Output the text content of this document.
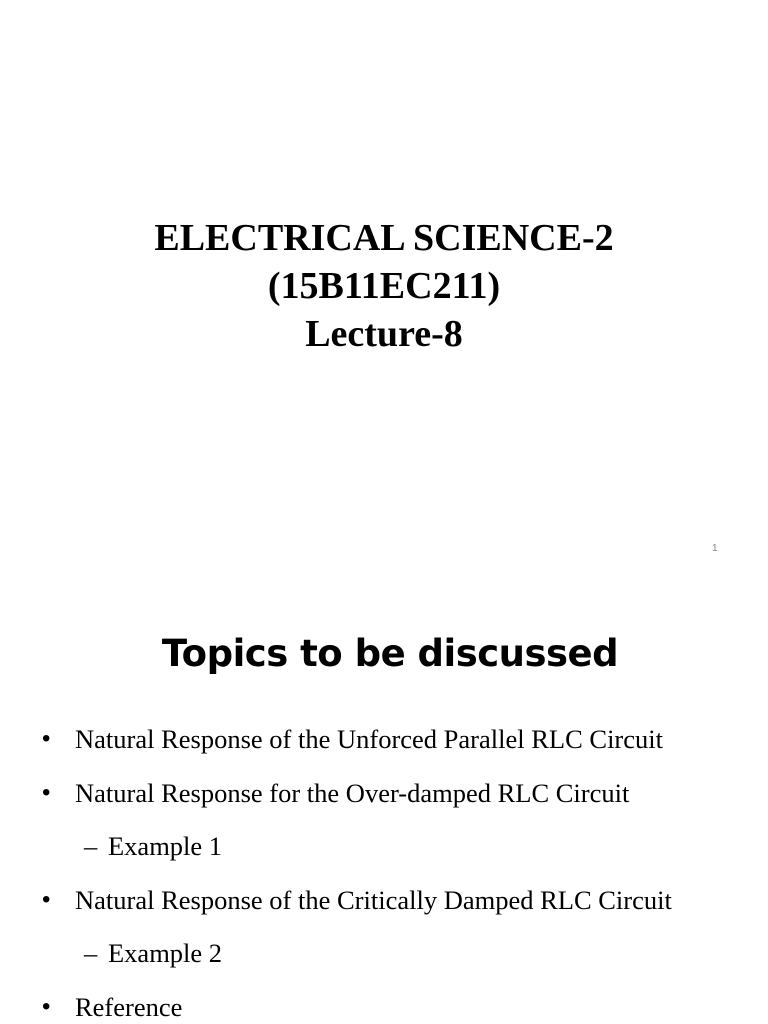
ELECTRICAL SCIENCE-2
(15B11EC211)
Lecture-8
1
Topics to be discussed
• Natural Response of the Unforced Parallel RLC Circuit
• Natural Response for the Over-damped RLC Circuit
– Example 1
• Natural Response of the Critically Damped RLC Circuit
– Example 2
• Reference
